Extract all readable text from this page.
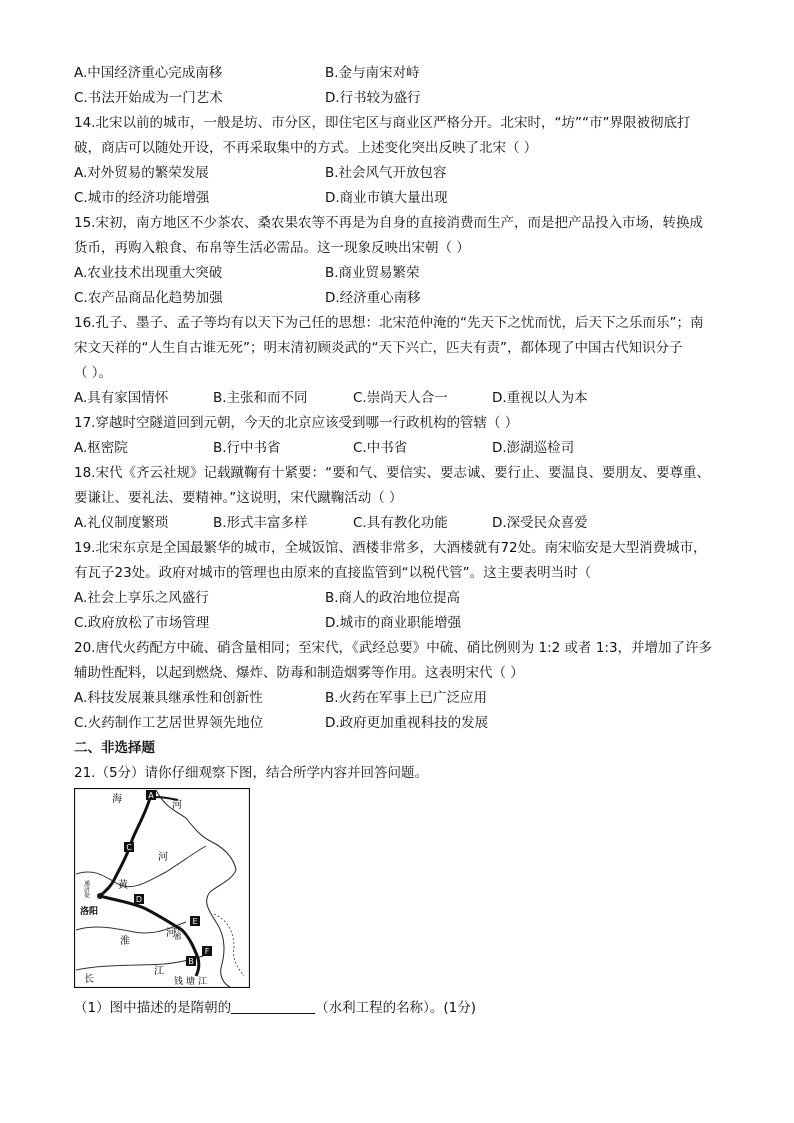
A.中国经济重心完成南移	B.金与南宋对峙
C.书法开始成为一门艺术	D.行书较为盛行
14.北宋以前的城市，一般是坊、市分区，即住宅区与商业区严格分开。北宋时，“坊”“市”界限被彻底打
破，商店可以随处开设，不再采取集中的方式。上述变化突出反映了北宋（ ）
A.对外贸易的繁荣发展	B.社会风气开放包容
C.城市的经济功能增强	D.商业市镇大量出现
15.宋初，南方地区不少茶农、桑农果农等不再是为自身的直接消费而生产，而是把产品投入市场，转换成
货币，再购入粮食、布帛等生活必需品。这一现象反映出宋朝（ ）
A.农业技术出现重大突破	B.商业贸易繁荣
C.农产品商品化趋势加强	D.经济重心南移
16.孔子、墨子、孟子等均有以天下为己任的思想：北宋范仲淹的“先天下之忧而忧，后天下之乐而乐”；南
宋文天祥的“人生自古谁无死”；明末清初顾炎武的“天下兴亡，匹夫有责”，都体现了中国古代知识分子
（ ）。
A.具有家国情怀	B.主张和而不同	C.崇尚天人合一	D.重视以人为本
17.穿越时空隧道回到元朝，今天的北京应该受到哪一行政机构的管辖（ ）
A.枢密院	B.行中书省	C.中书省	D.澎湖巡检司
18.宋代《齐云社规》记载蹴鞠有十紧要：“要和气、要信实、要志诚、要行止、要温良、要朋友、要尊重、
要谦让、要礼法、要精神。”这说明，宋代蹴鞠活动（ ）
A.礼仪制度繁琐	B.形式丰富多样	C.具有教化功能	D.深受民众喜爱
19.北宋东京是全国最繁华的城市，全城饭馆、酒楼非常多，大酒楼就有72处。南宋临安是大型消费城市，
有瓦子23处。政府对城市的管理也由原来的直接监管到“以税代管”。这主要表明当时（
A.社会上享乐之风盛行	B.商人的政治地位提高
C.政府放松了市场管理	D.城市的商业职能增强
20.唐代火药配方中硫、硝含量相同；至宋代，《武经总要》中硫、硝比例则为 1:2 或者 1:3，并增加了许多
辅助性配料，以起到燃烧、爆炸、防毒和制造烟雾等作用。这表明宋代（ ）
A.科技发展兼具继承性和创新性	B.火药在军事上已广泛应用
C.火药制作工艺居世界领先地位	D.政府更加重视科技的发展
二、非选择题
21.（5分）请你仔细观察下图，结合所学内容并回答问题。
A
C
D
E
F
B
海
河
河
黄
通济渠
洛阳
淮
河
江都
长
江
钱 塘 江
（1）图中描述的是隋朝的	（水利工程的名称）。(1分)
